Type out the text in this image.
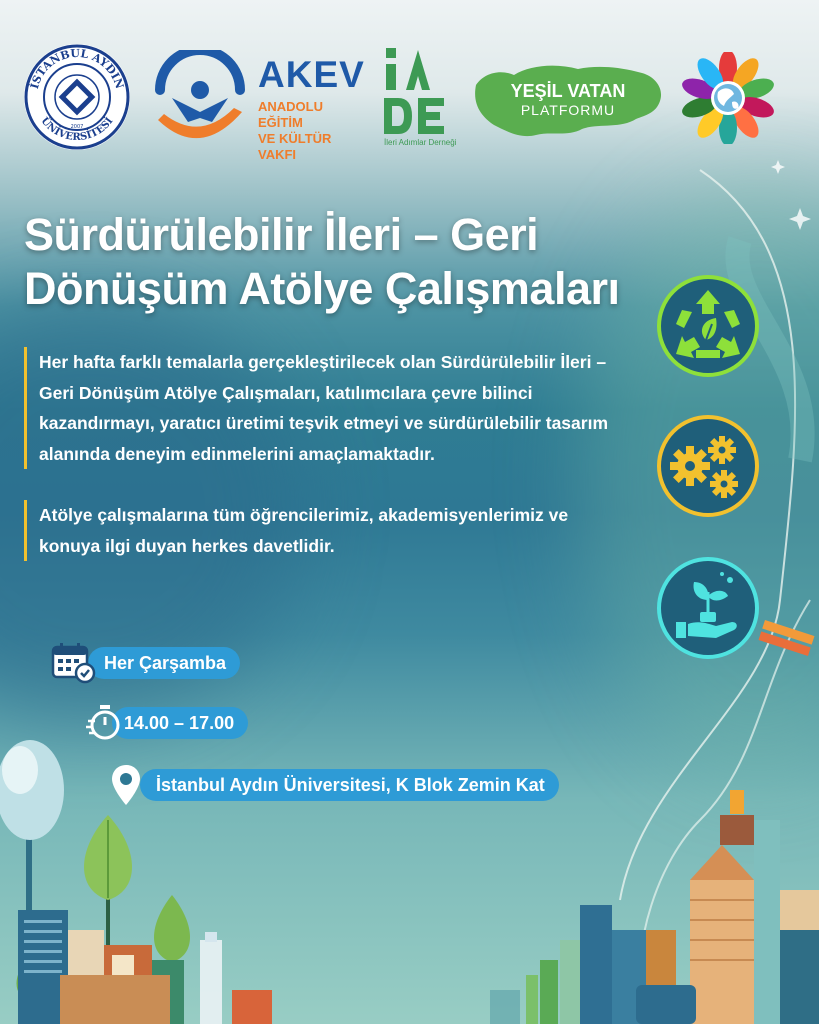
İSTANBUL AYDIN
ÜNİVERSİTESİ
2007
AKEV
ANADOLU EĞİTİM
VE KÜLTÜR VAKFI
İleri Adımlar Derneği
YEŞİL VATAN
PLATFORMU
Sürdürülebilir İleri – Geri
Dönüşüm Atölye Çalışmaları

Her hafta farklı temalarla gerçekleştirilecek olan Sürdürülebilir İleri – Geri Dönüşüm Atölye Çalışmaları, katılımcılara çevre bilinci kazandırmayı, yaratıcı üretimi teşvik etmeyi ve sürdürülebilir tasarım alanında deneyim edinmelerini amaçlamaktadır.

Atölye çalışmalarına tüm öğrencilerimiz, akademisyenlerimiz ve konuya ilgi duyan herkes davetlidir.

Her Çarşamba
14.00 – 17.00
İstanbul Aydın Üniversitesi, K Blok Zemin Kat
